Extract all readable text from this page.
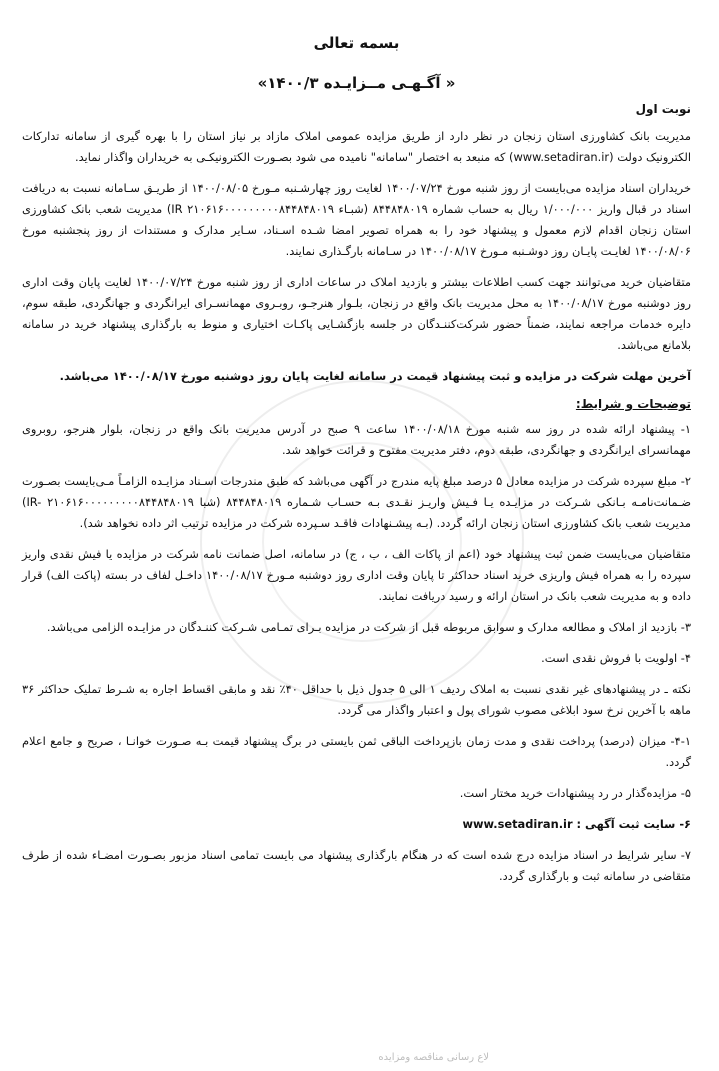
بسمه تعالی
« آگـهـی مــزایـده ۱۴۰۰/۳»
نوبت اول

مدیریت بانک کشاورزی استان زنجان در نظر دارد از طریق مزایده عمومی املاک مازاد بر نیاز استان را با بهره گیری از سامانه تدارکات الکترونیک دولت (www.setadiran.ir) که منبعد به اختصار "سامانه" نامیده می شود بصـورت الکترونیکـی به خریداران واگذار نماید.

خریداران اسناد مزایده می‌بایست از روز شنبه مورخ ۱۴۰۰/۰۷/۲۴ لغایت روز چهارشـنبه مـورخ ۱۴۰۰/۰۸/۰۵ از طریـق سـامانه نسبت به دریافت اسناد در قبال واریز ۱/۰۰۰/۰۰۰ ریال به حساب شماره ۸۴۴۸۴۸۰۱۹ (شبـاء ۲۱۰۶۱۶۰۰۰۰۰۰۰۰۰۸۴۴۸۴۸۰۱۹ IR) مدیریت شعب بانک کشاورزی استان زنجان اقدام لازم معمول و پیشنهاد خود را به همراه تصویر امضا شـده اسـناد، سـایر مدارک و مستندات از روز پنجشنبه مورخ ۱۴۰۰/۰۸/۰۶ لغایـت پایـان روز دوشـنبه مـورخ ۱۴۰۰/۰۸/۱۷ در سـامانه بارگـذاری نمایند.

متقاضیان خرید می‌توانند جهت کسب اطلاعات بیشتر و بازدید املاک در ساعات اداری از روز شنبه مورخ ۱۴۰۰/۰۷/۲۴ لغایت پایان وقت اداری روز دوشنبه مورخ ۱۴۰۰/۰۸/۱۷ به محل مدیریت بانک واقع در زنجان، بلـوار هنرجـو، روبـروی مهمانسـرای ایرانگردی و جهانگردی، طبقه سوم، دایره خدمات مراجعه نمایند، ضمناً حضور شرکت‌کننـدگان در جلسه بازگشـایی پاکـات اختیاری و منوط به بارگذاری پیشنهاد خرید در سامانه بلامانع می‌باشد.

آخرین مهلت شرکت در مزایده و ثبت پیشنهاد قیمت در سامانه لغایت پایان روز دوشنبه مورخ ۱۴۰۰/۰۸/۱۷ می‌باشد.

توضیحات و شرایط:

۱- پیشنهاد ارائه شده در روز سه شنبه مورخ ۱۴۰۰/۰۸/۱۸ ساعت ۹ صبح در آدرس مدیریت بانک واقع در زنجان، بلوار هنرجو، روبروی مهمانسرای ایرانگردی و جهانگردی، طبقه دوم، دفتر مدیریت مفتوح و قرائت خواهد شد.

۲- مبلغ سپرده شرکت در مزایده معادل ۵ درصد مبلغ پایه مندرج در آگهی می‌باشد که طبق مندرجات اسـناد مزایـده الزامـاً مـی‌بایست بصـورت ضـمانت‌نامـه بـانکی شـرکت در مزایـده یـا فـیش واریـز نقـدی بـه حسـاب شـماره ۸۴۴۸۴۸۰۱۹ (شبا IR- ۲۱۰۶۱۶۰۰۰۰۰۰۰۰۰۸۴۴۸۴۸۰۱۹) مدیریت شعب بانک کشاورزی استان زنجان ارائه گردد. (بـه پیشـنهادات فاقـد سـپرده شرکت در مزایده ترتیب اثر داده نخواهد شد).

متقاضیان می‌بایست ضمن ثبت پیشنهاد خود (اعم از پاکات الف ، ب ، ج) در سامانه، اصل ضمانت نامه شرکت در مزایده یا فیش نقدی واریز سپرده را به همراه فیش واریزی خرید اسناد حداکثر تا پایان وقت اداری روز دوشنبه مـورخ ۱۴۰۰/۰۸/۱۷ داخـل لفاف در بسته (پاکت الف) قرار داده و به مدیریت شعب بانک در استان ارائه و رسید دریافت نمایند.

۳- بازدید از املاک و مطالعه مدارک و سوابق مربوطه قبل از شرکت در مزایده بـرای تمـامی شـرکت کننـدگان در مزایـده الزامی می‌باشد.

۴- اولویت با فروش نقدی است.

نکته ـ در پیشنهادهای غیر نقدی نسبت به املاک ردیف ۱ الی ۵ جدول ذیل با حداقل ۴۰٪ نقد و مابقی اقساط اجاره به شـرط تملیک حداکثر ۳۶ ماهه با آخرین نرخ سود ابلاغی مصوب شورای پول و اعتبار واگذار می گردد.

۴-۱- میزان (درصد) پرداخت نقدی و مدت زمان بازپرداخت الباقی ثمن بایستی در برگ پیشنهاد قیمت بـه صـورت خوانـا ، صریح و جامع اعلام گردد.

۵- مزایده‌گذار در رد پیشنهادات خرید مختار است.

۶- سایت ثبت آگهی : www.setadiran.ir

۷- سایر شرایط در اسناد مزایده درج شده است که در هنگام بارگذاری پیشنهاد می بایست تمامی اسناد مزبور بصـورت امضـاء شده از طرف متقاضی در سامانه ثبت و بارگذاری گردد.

لاع رسانی مناقصه ومزایده
